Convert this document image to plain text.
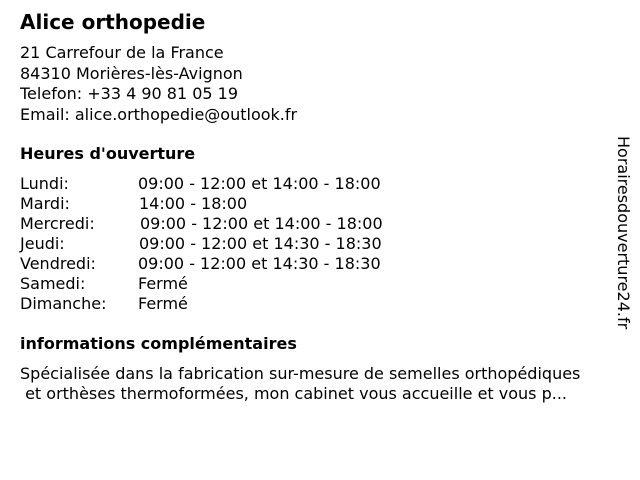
Alice orthopedie
21 Carrefour de la France
84310 Morières-lès-Avignon
Telefon: +33 4 90 81 05 19
Email: alice.orthopedie@outlook.fr
Heures d'ouverture
Lundi:	09:00 - 12:00 et 14:00 - 18:00
Mardi:	14:00 - 18:00
Mercredi:	09:00 - 12:00 et 14:00 - 18:00
Jeudi:	09:00 - 12:00 et 14:30 - 18:30
Vendredi:	09:00 - 12:00 et 14:30 - 18:30
Samedi:	Fermé
Dimanche: Fermé
informations complémentaires
Spécialisée dans la fabrication sur-mesure de semelles orthopédiques
et orthèses thermoformées, mon cabinet vous accueille et vous p...
Horairesdouverture24.fr
